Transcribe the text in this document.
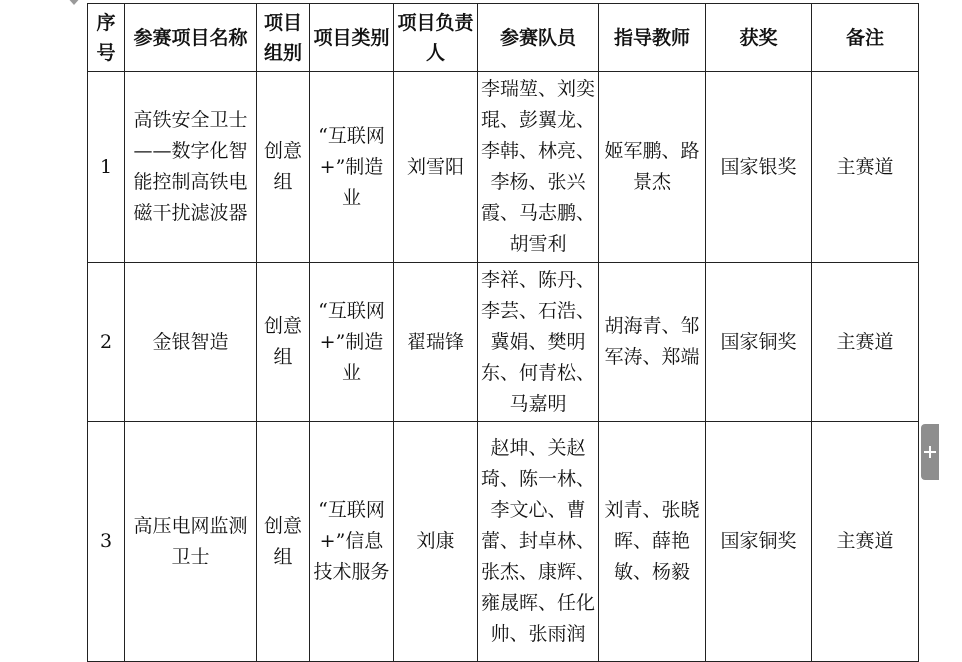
序号	参赛项目名称	项目组别	项目类别	项目负责人	参赛队员	指导教师	获奖	备注
1	高铁安全卫士——数字化智能控制高铁电磁干扰滤波器	创意组	“互联网+”制造业	刘雪阳	李瑞堃、刘奕琨、彭翼龙、李韩、林亮、李杨、张兴霞、马志鹏、胡雪利	姬军鹏、路景杰	国家银奖	主赛道
2	金银智造	创意组	“互联网+”制造业	翟瑞锋	李祥、陈丹、李芸、石浩、冀娟、樊明东、何青松、马嘉明	胡海青、邹军涛、郑端	国家铜奖	主赛道
3	高压电网监测卫士	创意组	“互联网+”信息技术服务	刘康	赵坤、关赵琦、陈一林、李文心、曹蕾、封卓林、张杰、康辉、雍晟晖、任化帅、张雨润	刘青、张晓晖、薛艳敏、杨毅	国家铜奖	主赛道
